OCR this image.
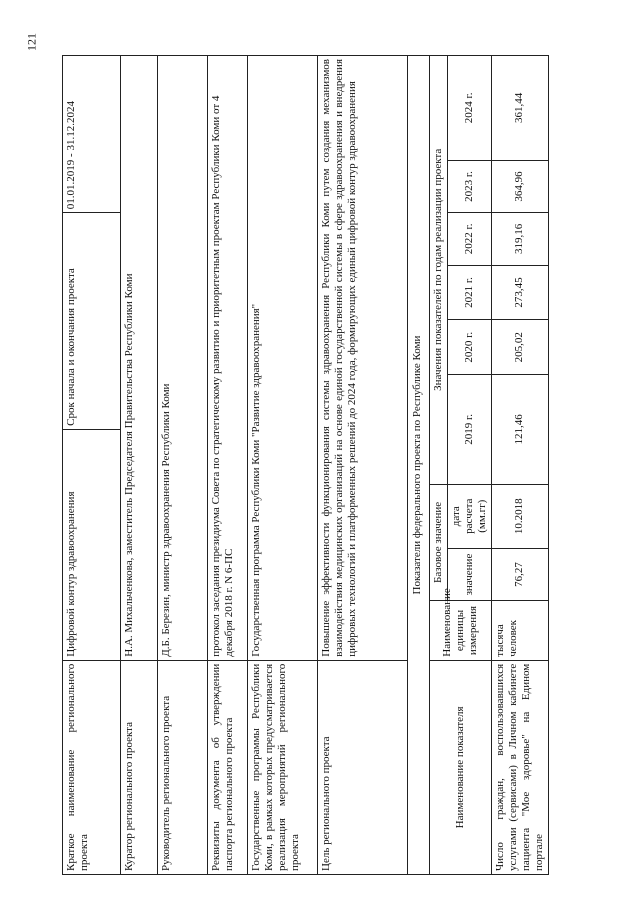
121
Краткое наименование регионального проекта	Цифровой контур здравоохранения				Срок начала и окончания проекта				01.01.2019 - 31.12.2024	
Куратор регионального проекта	Н.А. Михальченкова, заместитель Председателя Правительства Республики Коми									
Руководитель регионального проекта	Д.Б. Березин, министр здравоохранения Республики Коми									
Реквизиты документа об утверждении паспорта регионального проекта	протокол заседания президиума Совета по стратегическому развитию и приоритетным проектам Республики Коми от 4 декабря 2018 г. N 6-ПС									
Государственные программы Республики Коми, в рамках которых предусматривается реализация мероприятий регионального проекта	Государственная программа Республики Коми "Развитие здравоохранения"									
Цель регионального проекта	Повышение эффективности функционирования системы здравоохранения Республики Коми путем создания механизмов взаимодействия медицинских организаций на основе единой государственной системы в сфере здравоохранения и внедрения цифровых технологий и платформенных решений до 2024 года, формирующих единый цифровой контур здравоохранения									
Показатели федерального проекта по Республике Коми										
Наименование показателя	Наименование единицы измерения	Базовое значение		Значения показателей по годам реализации проекта						
		значение	дата расчета (мм.гг)	2019 г.		2020 г.	2021 г.	2022 г.	2023 г.	2024 г.
Число граждан, воспользовавшихся услугами (сервисами) в Личном кабинете пациента "Мое здоровье" на Едином портале	тысяча человек	76,27	10.2018	121,46		205,02	273,45	319,16	364,96	361,44
